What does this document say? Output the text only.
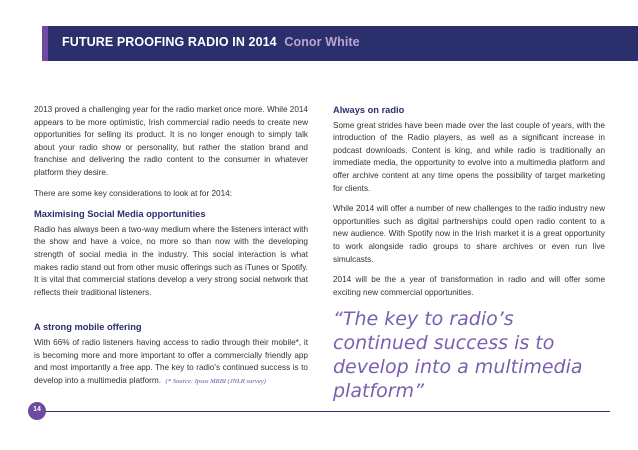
FUTURE PROOFING RADIO IN 2014 Conor White

2013 proved a challenging year for the radio market once more. While 2014 appears to be more optimistic, Irish commercial radio needs to create new opportunities for selling its product. It is no longer enough to simply talk about your radio show or personality, but rather the station brand and franchise and delivering the radio content to the consumer in whatever platform they desire.

There are some key considerations to look at for 2014:

Maximising Social Media opportunities

Radio has always been a two-way medium where the listeners interact with the show and have a voice, no more so than now with the developing strength of social media in the industry. This social interaction is what makes radio stand out from other music offerings such as iTunes or Spotify. It is vital that commercial stations develop a very strong social network that reflects their traditional listeners.

A strong mobile offering

With 66% of radio listeners having access to radio through their mobile*, it is becoming more and more important to offer a commercially friendly app and most importantly a free app. The key to radio's continued success is to develop into a multimedia platform. (* Source: Ipsos MRBI (JNLR survey)

Always on radio

Some great strides have been made over the last couple of years, with the introduction of the Radio players, as well as a significant increase in podcast downloads. Content is king, and while radio is traditionally an immediate media, the opportunity to evolve into a multimedia platform and offer archive content at any time opens the possibility of target marketing for clients.

While 2014 will offer a number of new challenges to the radio industry new opportunities such as digital partnerships could open radio content to a new audience. With Spotify now in the Irish market it is a great opportunity to work alongside radio groups to share archives or even run live simulcasts.

2014 will be the a year of transformation in radio and will offer some exciting new commercial opportunities.

“The key to radio’s continued success is to develop into a multimedia platform”
14
